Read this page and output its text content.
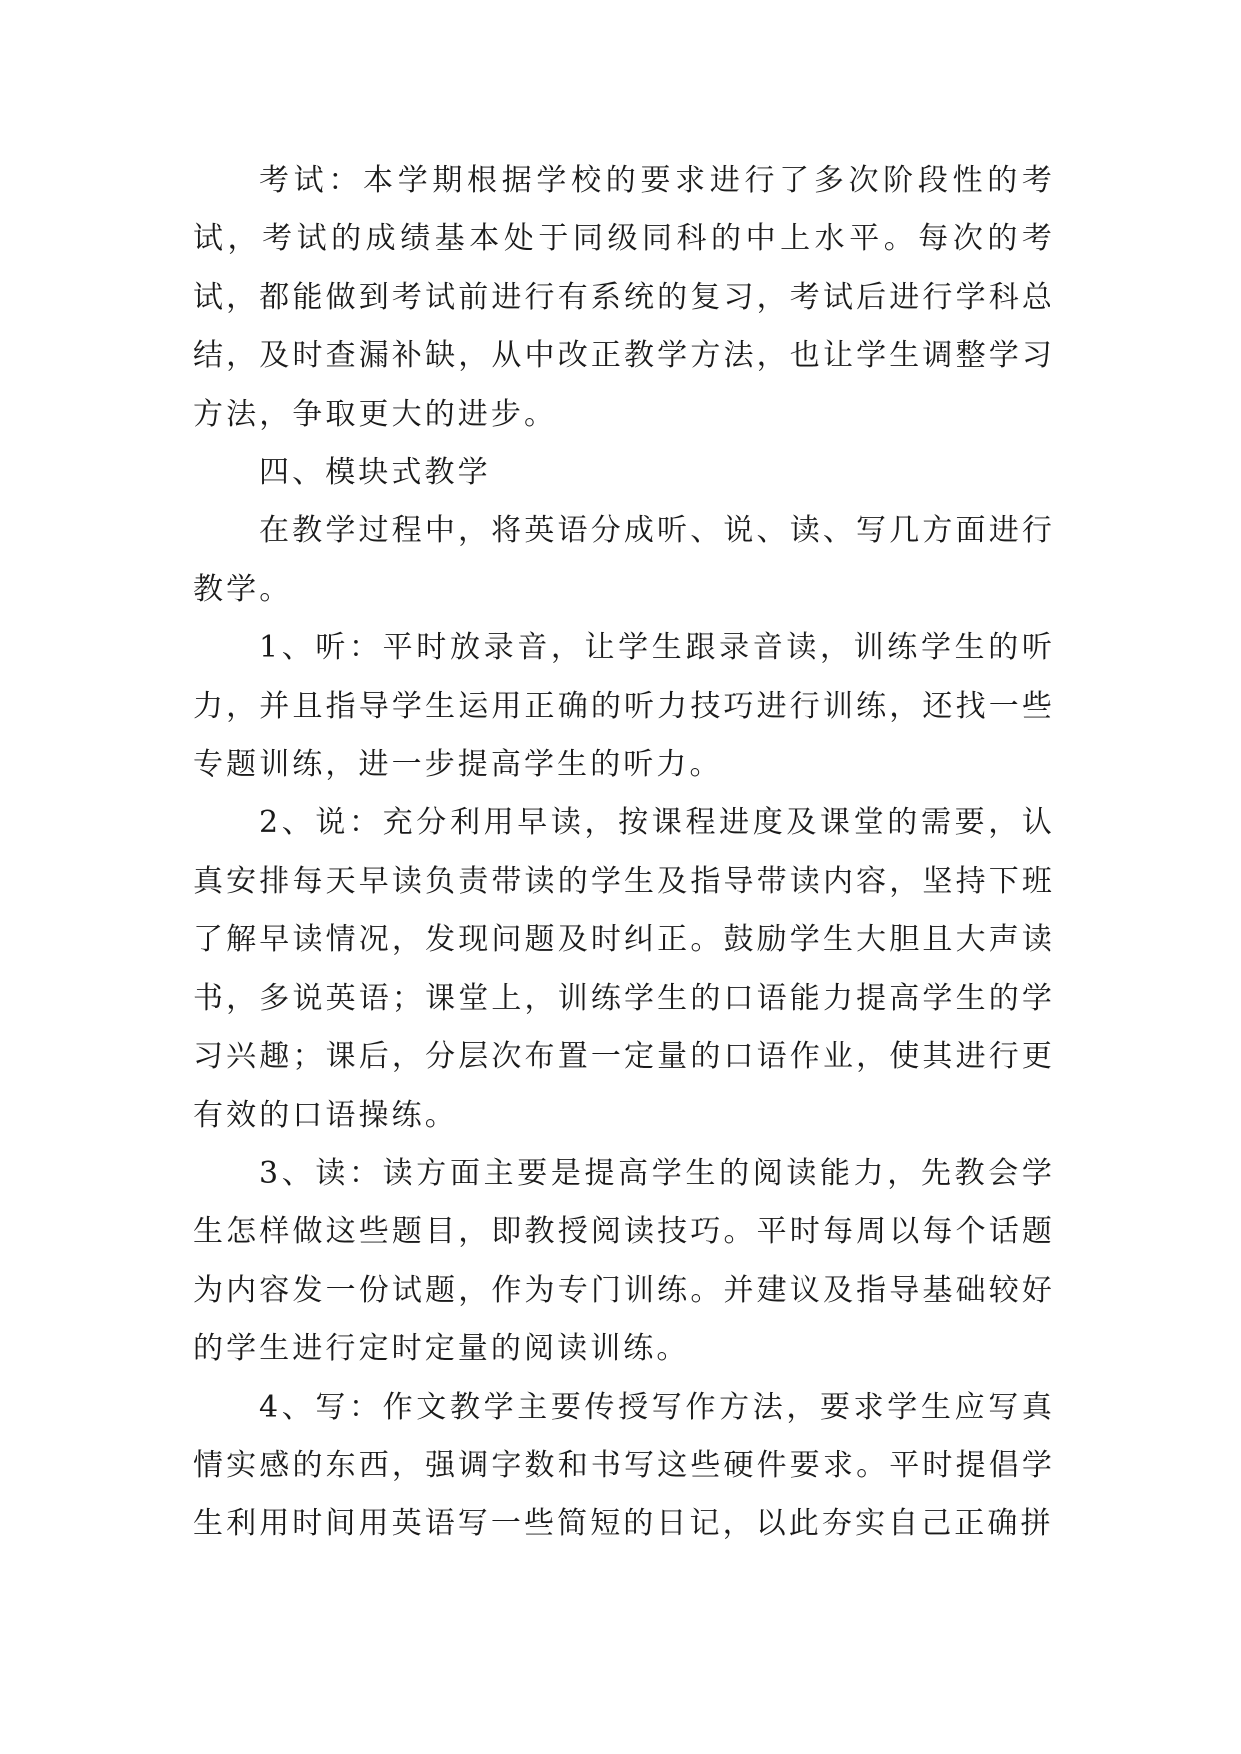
考试：本学期根据学校的要求进行了多次阶段性的考试，考试的成绩基本处于同级同科的中上水平。每次的考试，都能做到考试前进行有系统的复习，考试后进行学科总结，及时查漏补缺，从中改正教学方法，也让学生调整学习方法，争取更大的进步。

四、模块式教学

在教学过程中，将英语分成听、说、读、写几方面进行教学。

1、听：平时放录音，让学生跟录音读，训练学生的听力，并且指导学生运用正确的听力技巧进行训练，还找一些专题训练，进一步提高学生的听力。

2、说：充分利用早读，按课程进度及课堂的需要，认真安排每天早读负责带读的学生及指导带读内容，坚持下班了解早读情况，发现问题及时纠正。鼓励学生大胆且大声读书，多说英语；课堂上，训练学生的口语能力提高学生的学习兴趣；课后，分层次布置一定量的口语作业，使其进行更有效的口语操练。

3、读：读方面主要是提高学生的阅读能力，先教会学生怎样做这些题目，即教授阅读技巧。平时每周以每个话题为内容发一份试题，作为专门训练。并建议及指导基础较好的学生进行定时定量的阅读训练。

4、写：作文教学主要传授写作方法，要求学生应写真情实感的东西，强调字数和书写这些硬件要求。平时提倡学生利用时间用英语写一些简短的日记，以此夯实自己正确拼
